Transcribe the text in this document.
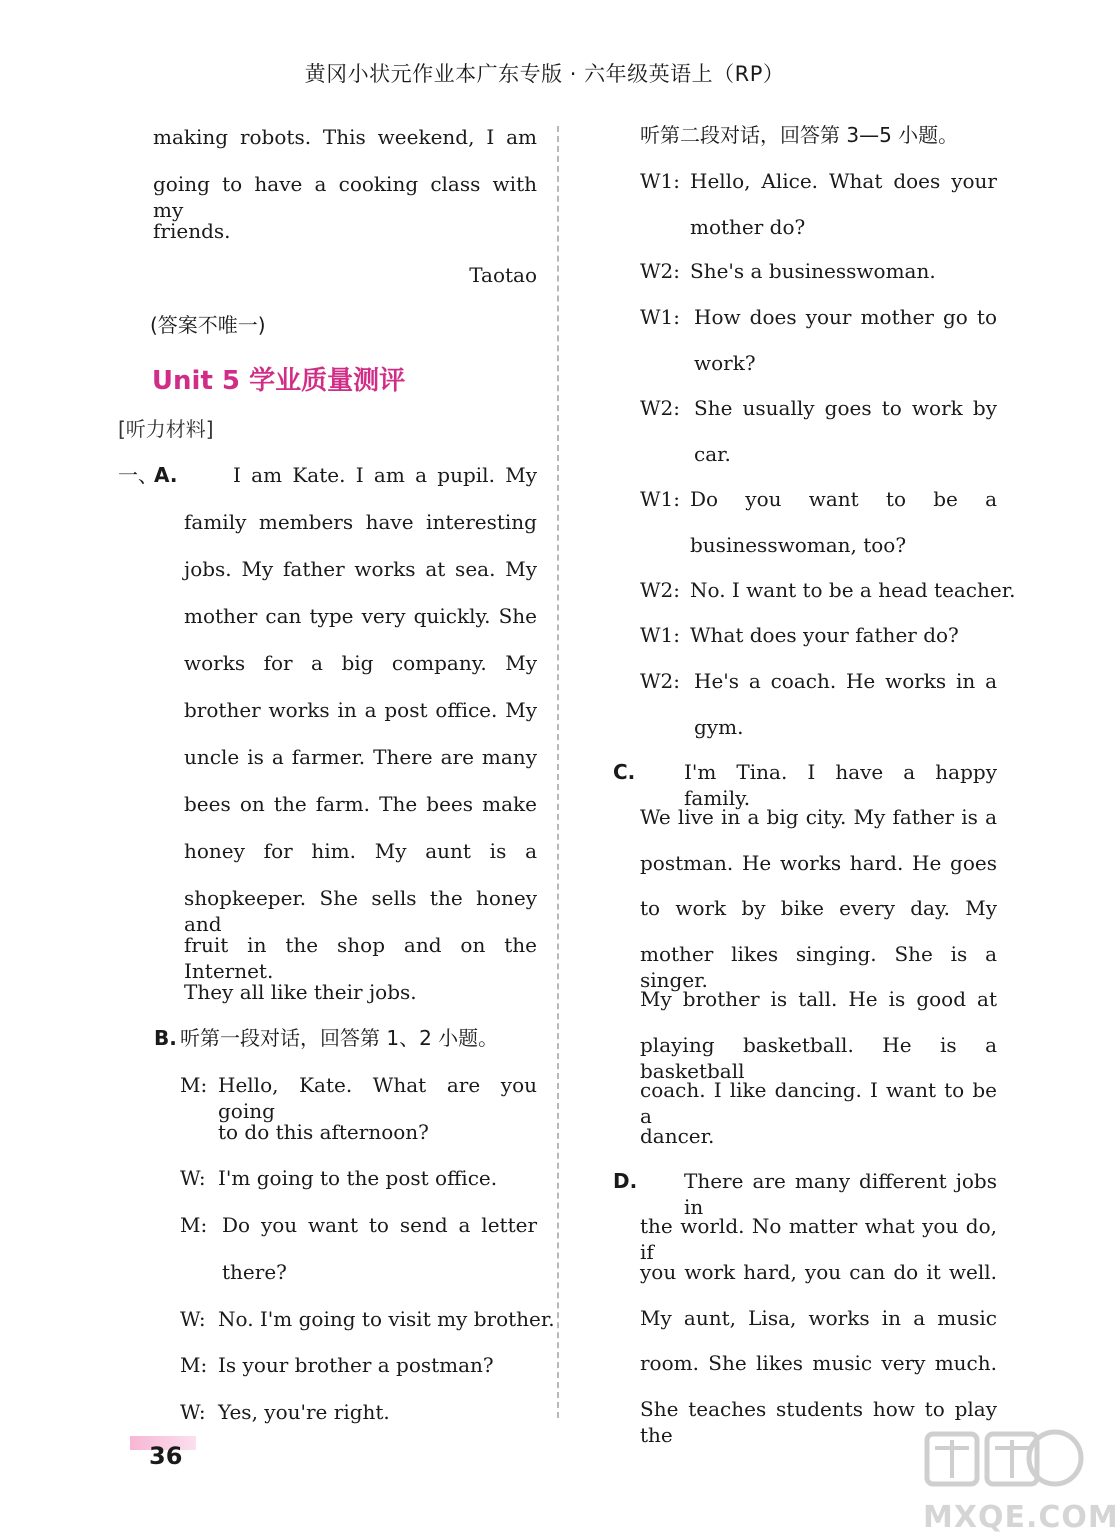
黄冈小状元作业本广东专版 · 六年级英语上（RP）
making robots. This weekend, I am
going to have a cooking class with my
friends.
Taotao
(答案不唯一)
Unit 5 学业质量测评
[听力材料]
一、
A.	I am Kate. I am a pupil. My
family members have interesting
jobs. My father works at sea. My
mother can type very quickly. She
works for a big company. My
brother works in a post office. My
uncle is a farmer. There are many
bees on the farm. The bees make
honey for him. My aunt is a
shopkeeper. She sells the honey and
fruit in the shop and on the Internet.
They all like their jobs.
B. 听第一段对话，回答第 1、2 小题。
M: Hello, Kate. What are you going
to do this afternoon?
W: I'm going to the post office.
M: Do you want to send a letter
there?
W: No. I'm going to visit my brother.
M: Is your brother a postman?
W: Yes, you're right.
听第二段对话，回答第 3—5 小题。
W1: Hello, Alice. What does your
mother do?
W2: She's a businesswoman.
W1: How does your mother go to
work?
W2: She usually goes to work by
car.
W1: Do you want to be a
businesswoman, too?
W2: No. I want to be a head teacher.
W1: What does your father do?
W2: He's a coach. He works in a
gym.
C. I'm Tina. I have a happy family.
We live in a big city. My father is a
postman. He works hard. He goes
to work by bike every day. My
mother likes singing. She is a singer.
My brother is tall. He is good at
playing basketball. He is a basketball
coach. I like dancing. I want to be a
dancer.
D. There are many different jobs in
the world. No matter what you do, if
you work hard, you can do it well.
My aunt, Lisa, works in a music
room. She likes music very much.
She teaches students how to play the
36
MXQE.COM
